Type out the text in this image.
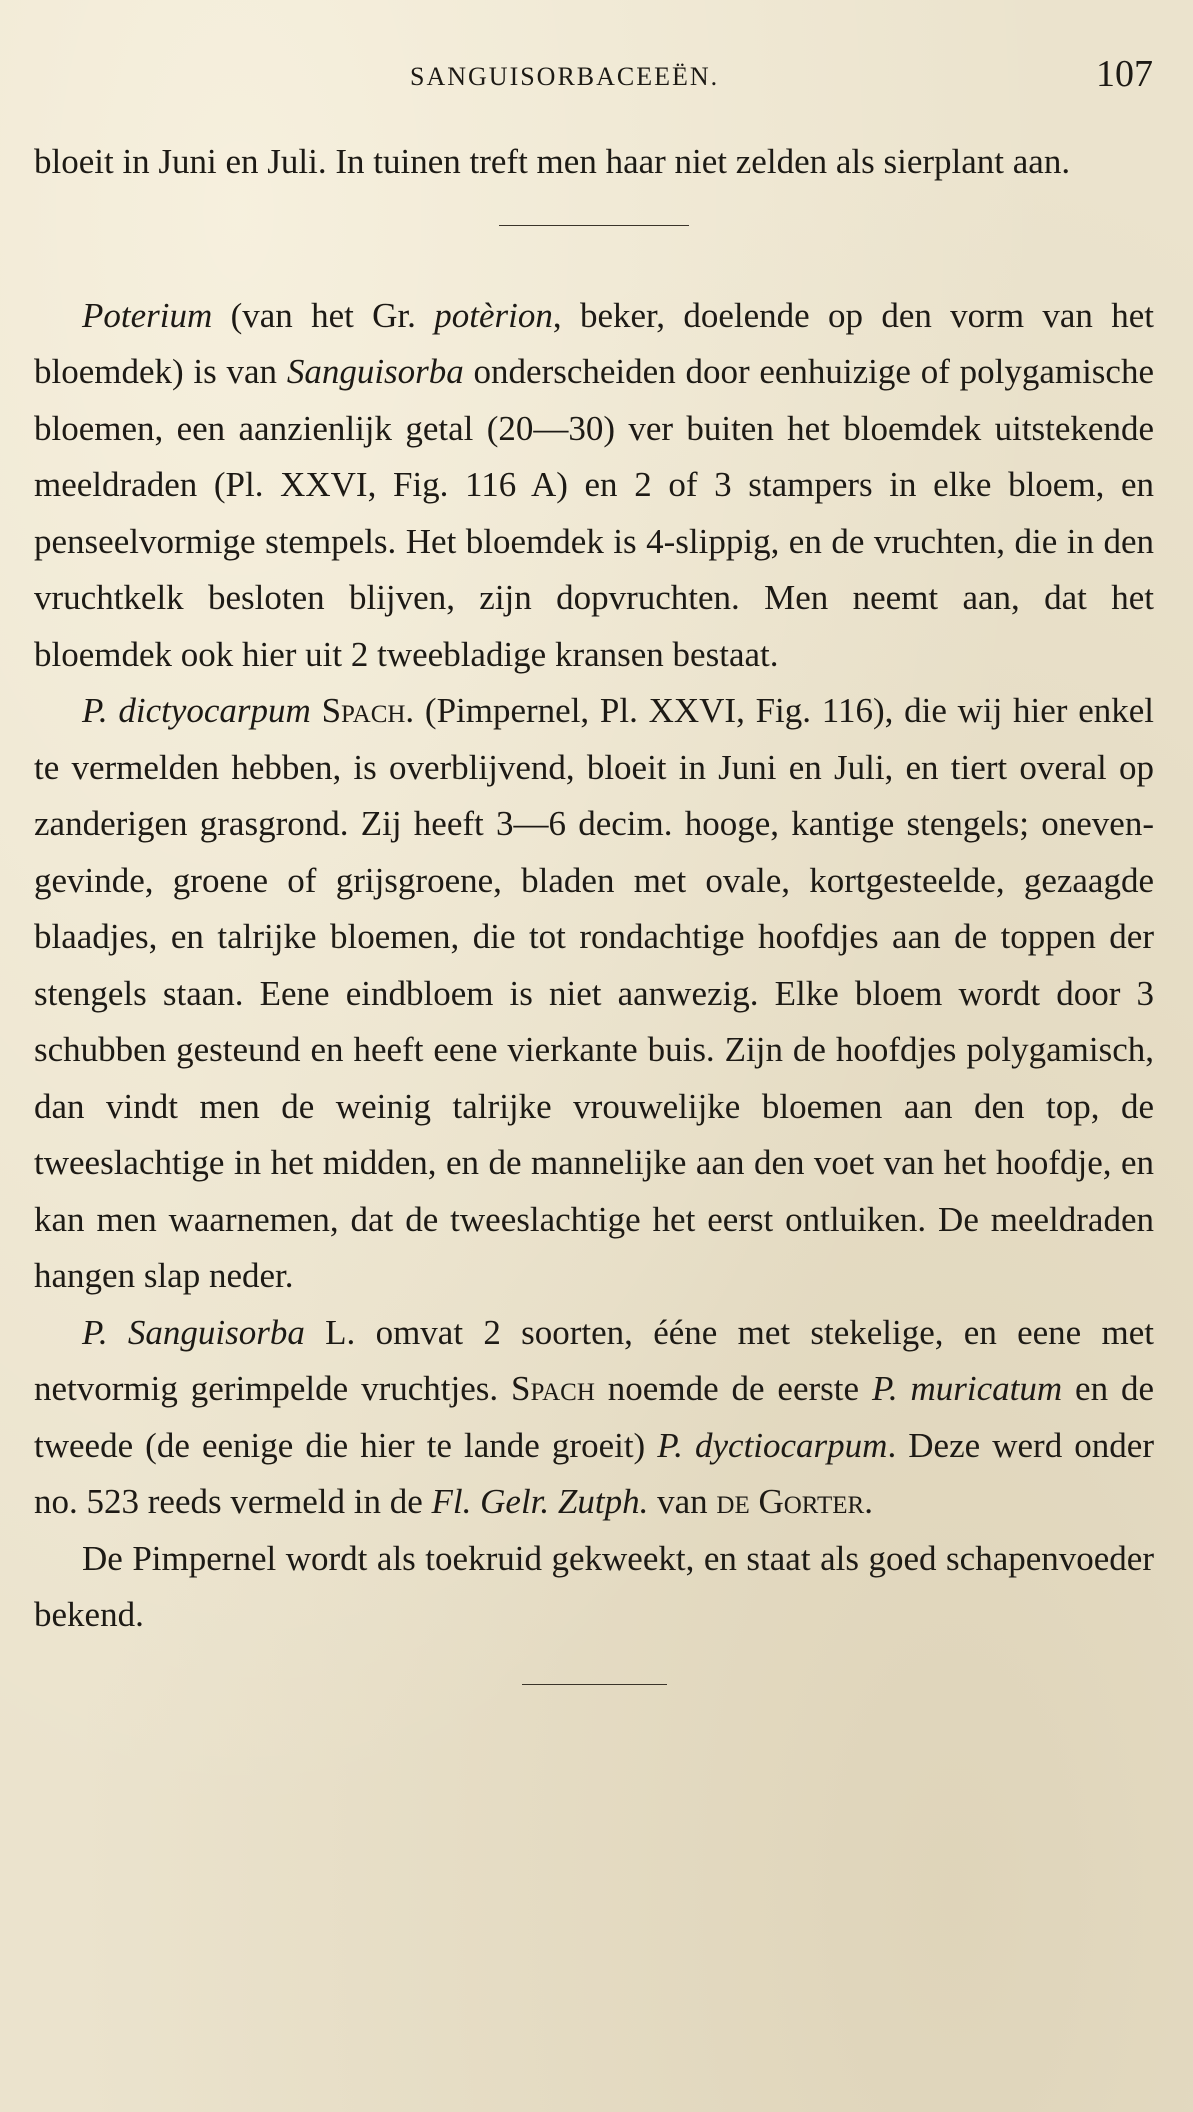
SANGUISORBACEEËN.	107

bloeit in Juni en Juli. In tuinen treft men haar niet zelden als sierplant aan.

Poterium (van het Gr. potèrion, beker, doelende op den vorm van het bloemdek) is van Sanguisorba onderscheiden door eenhuizige of polygamische bloemen, een aanzienlijk getal (20—30) ver buiten het bloemdek uitstekende meeldraden (Pl. XXVI, Fig. 116 A) en 2 of 3 stampers in elke bloem, en penseelvormige stempels. Het bloemdek is 4-slippig, en de vruchten, die in den vruchtkelk besloten blijven, zijn dopvruchten. Men neemt aan, dat het bloemdek ook hier uit 2 tweebladige kransen bestaat.

P. dictyocarpum Spach. (Pimpernel, Pl. XXVI, Fig. 116), die wij hier enkel te vermelden hebben, is overblijvend, bloeit in Juni en Juli, en tiert overal op zanderigen grasgrond. Zij heeft 3—6 decim. hooge, kantige stengels; oneven-gevinde, groene of grijsgroene, bladen met ovale, kortgesteelde, gezaagde blaadjes, en talrijke bloemen, die tot rondachtige hoofdjes aan de toppen der stengels staan. Eene eindbloem is niet aanwezig. Elke bloem wordt door 3 schubben gesteund en heeft eene vierkante buis. Zijn de hoofdjes polygamisch, dan vindt men de weinig talrijke vrouwelijke bloemen aan den top, de tweeslachtige in het midden, en de mannelijke aan den voet van het hoofdje, en kan men waarnemen, dat de tweeslachtige het eerst ontluiken. De meeldraden hangen slap neder.

P. Sanguisorba L. omvat 2 soorten, ééne met stekelige, en eene met netvormig gerimpelde vruchtjes. Spach noemde de eerste P. muricatum en de tweede (de eenige die hier te lande groeit) P. dyctiocarpum. Deze werd onder no. 523 reeds vermeld in de Fl. Gelr. Zutph. van de Gorter.

De Pimpernel wordt als toekruid gekweekt, en staat als goed schapenvoeder bekend.
